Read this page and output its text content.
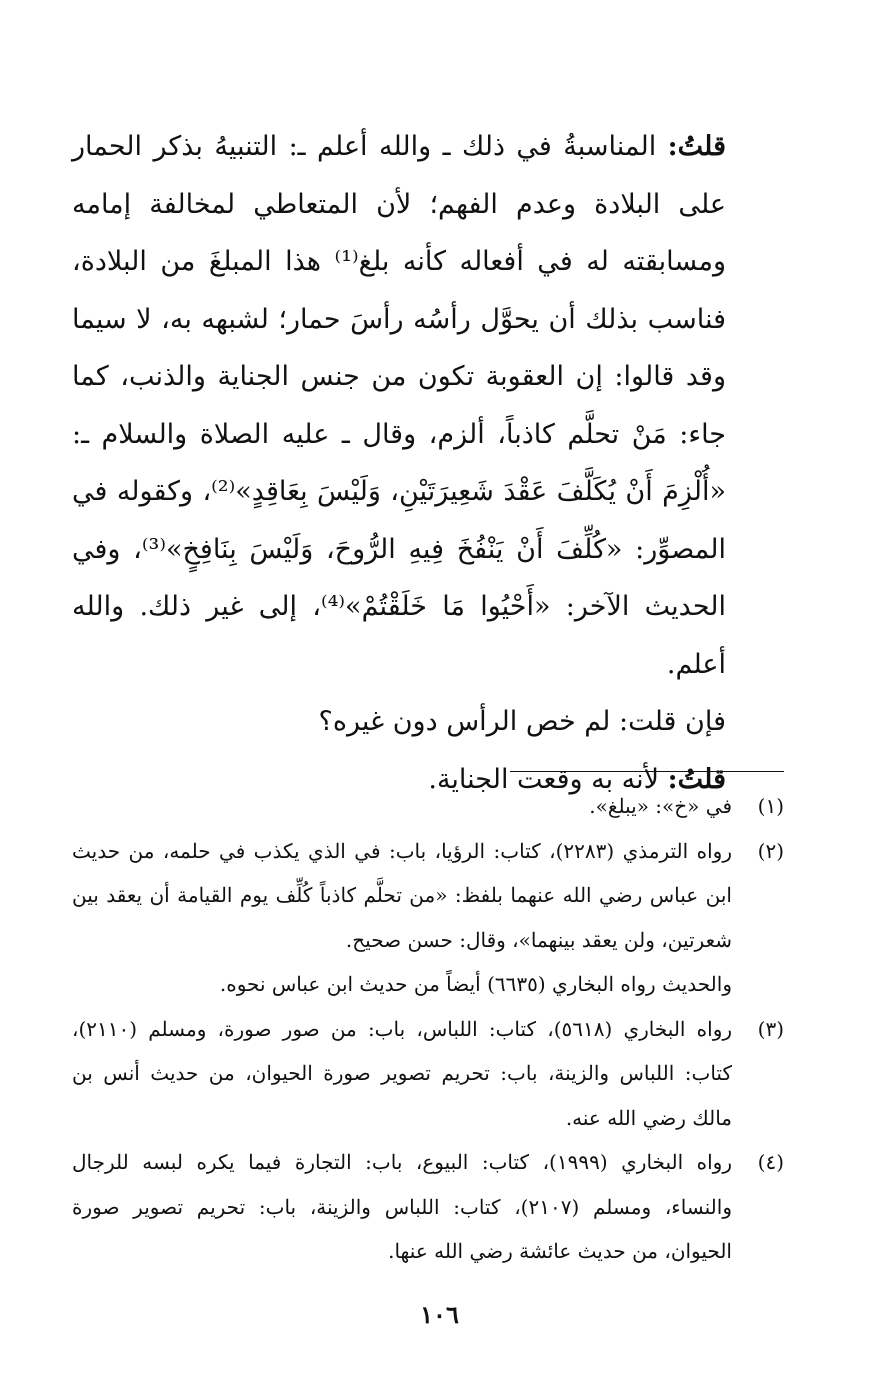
قلتُ: المناسبةُ في ذلك ـ والله أعلم ـ: التنبيهُ بذكر الحمار على البلادة وعدم الفهم؛ لأن المتعاطي لمخالفة إمامه ومسابقته له في أفعاله كأنه بلغ⁽¹⁾ هذا المبلغَ من البلادة، فناسب بذلك أن يحوَّل رأسُه رأسَ حمار؛ لشبهه به، لا سيما وقد قالوا: إن العقوبة تكون من جنس الجناية والذنب، كما جاء: مَنْ تحلَّم كاذباً، ألزم، وقال ـ عليه الصلاة والسلام ـ: «أُلْزِمَ أَنْ يُكَلَّفَ عَقْدَ شَعِيرَتَيْنِ، وَلَيْسَ بِعَاقِدٍ»⁽²⁾، وكقوله في المصوِّر: «كُلِّفَ أَنْ يَنْفُخَ فِيهِ الرُّوحَ، وَلَيْسَ بِنَافِخٍ»⁽³⁾، وفي الحديث الآخر: «أَحْيُوا مَا خَلَقْتُمْ»⁽⁴⁾، إلى غير ذلك. والله أعلم.

فإن قلت: لم خص الرأس دون غيره؟

قلتُ: لأنه به وقعت الجناية.

(١)
في «خ»: «يبلغ».
(٢)
رواه الترمذي (٢٢٨٣)، كتاب: الرؤيا، باب: في الذي يكذب في حلمه، من حديث ابن عباس رضي الله عنهما بلفظ: «من تحلَّم كاذباً كُلِّف يوم القيامة أن يعقد بين شعرتين، ولن يعقد بينهما»، وقال: حسن صحيح.
والحديث رواه البخاري (٦٦٣٥) أيضاً من حديث ابن عباس نحوه.
(٣)
رواه البخاري (٥٦١٨)، كتاب: اللباس، باب: من صور صورة، ومسلم (٢١١٠)، كتاب: اللباس والزينة، باب: تحريم تصوير صورة الحيوان، من حديث أنس بن مالك رضي الله عنه.
(٤)
رواه البخاري (١٩٩٩)، كتاب: البيوع، باب: التجارة فيما يكره لبسه للرجال والنساء، ومسلم (٢١٠٧)، كتاب: اللباس والزينة، باب: تحريم تصوير صورة الحيوان، من حديث عائشة رضي الله عنها.
١٠٦
